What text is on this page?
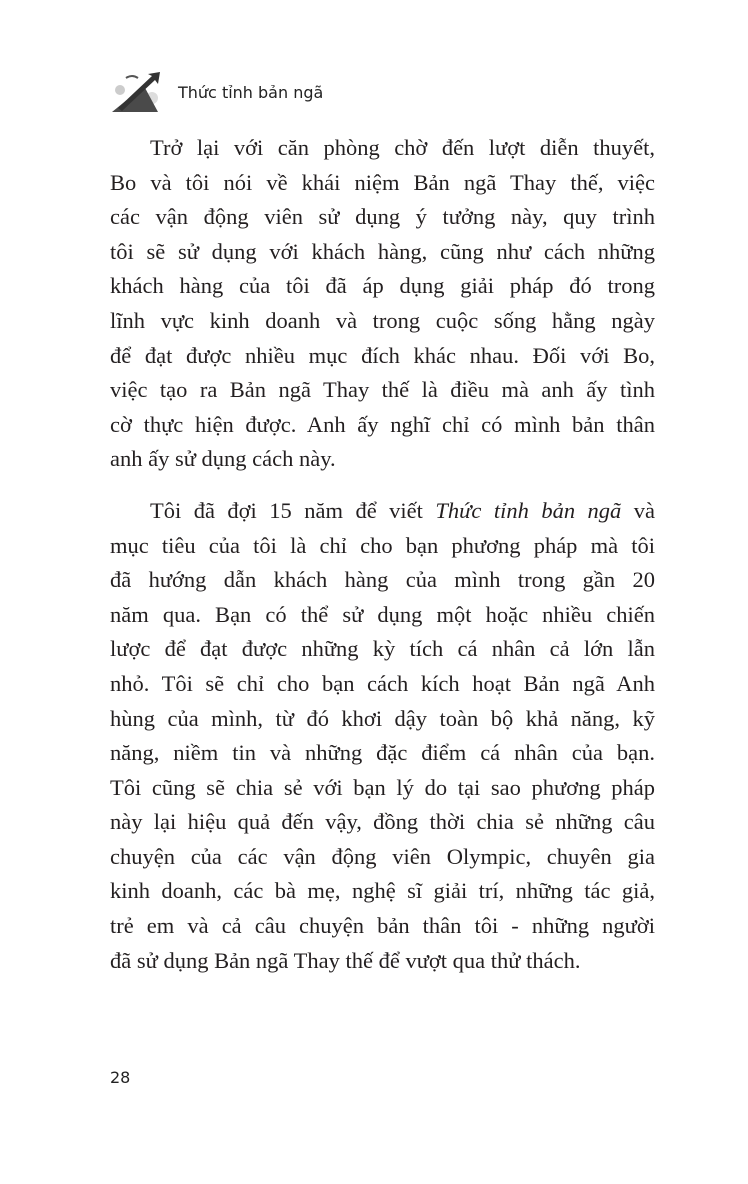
Thức tỉnh bản ngã
Trở lại với căn phòng chờ đến lượt diễn thuyết,
Bo và tôi nói về khái niệm Bản ngã Thay thế, việc
các vận động viên sử dụng ý tưởng này, quy trình
tôi sẽ sử dụng với khách hàng, cũng như cách những
khách hàng của tôi đã áp dụng giải pháp đó trong
lĩnh vực kinh doanh và trong cuộc sống hằng ngày
để đạt được nhiều mục đích khác nhau. Đối với Bo,
việc tạo ra Bản ngã Thay thế là điều mà anh ấy tình
cờ thực hiện được. Anh ấy nghĩ chỉ có mình bản thân
anh ấy sử dụng cách này.
Tôi đã đợi 15 năm để viết Thức tỉnh bản ngã và
mục tiêu của tôi là chỉ cho bạn phương pháp mà tôi
đã hướng dẫn khách hàng của mình trong gần 20
năm qua. Bạn có thể sử dụng một hoặc nhiều chiến
lược để đạt được những kỳ tích cá nhân cả lớn lẫn
nhỏ. Tôi sẽ chỉ cho bạn cách kích hoạt Bản ngã Anh
hùng của mình, từ đó khơi dậy toàn bộ khả năng, kỹ
năng, niềm tin và những đặc điểm cá nhân của bạn.
Tôi cũng sẽ chia sẻ với bạn lý do tại sao phương pháp
này lại hiệu quả đến vậy, đồng thời chia sẻ những câu
chuyện của các vận động viên Olympic, chuyên gia
kinh doanh, các bà mẹ, nghệ sĩ giải trí, những tác giả,
trẻ em và cả câu chuyện bản thân tôi - những người
đã sử dụng Bản ngã Thay thế để vượt qua thử thách.
28
